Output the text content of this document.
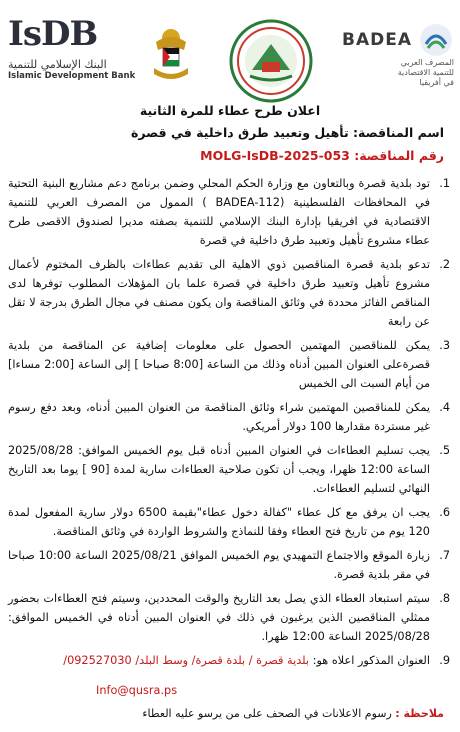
IsDB
البنك الإسلامي للتنمية
Islamic Development Bank
BADEA
المصرف العربي
للتنمية الاقتصادية
في أفريقيا
اعلان طرح عطاء للمرة الثانية
اسم المناقصة: تأهيل وتعبيد طرق داخلية في قصرة
رقم المناقصة: MOLG-IsDB-2025-053
1.
تود بلدية قصرة وبالتعاون مع وزارة الحكم المحلي وضمن برنامج دعم مشاريع البنية التحتية في المحافظات الفلسطينية (BADEA-112 ) الممول من المصرف العربي للتنمية الاقتصادية في افريقيا بإدارة البنك الإسلامي للتنمية بصفته مديرا لصندوق الاقصى طرح عطاء مشروع تأهيل وتعبيد طرق داخلية في قصرة
2.
تدعو بلدية قصرة المناقصين ذوي الاهلية الى تقديم عطاءات بالظرف المختوم لأعمال مشروع تأهيل وتعبيد طرق داخلية في قصرة علما بان المؤهلات المطلوب توفرها لدى المناقص الفائز محددة في وثائق المناقصة وان يكون مصنف في مجال الطرق بدرجة لا تقل عن رابعة
3.
يمكن للمناقصين المهتمين الحصول على معلومات إضافية عن المناقصة من بلدية قصرةعلى العنوان المبين أدناه وذلك من الساعة [8:00 صباحا ] إلى الساعة [2:00 مساءا] من أيام السبت الى الخميس
4.
يمكن للمناقصين المهتمين شراء وثائق المناقصة من العنوان المبين أدناه، وبعد دفع رسوم غير مستردة مقدارها 100 دولار أمريكي.
5.
يجب تسليم العطاءات في العنوان المبين أدناه قبل يوم الخميس الموافق: 2025/08/28 الساعة 12:00 ظهرا، ويجب أن تكون صلاحية العطاءات سارية لمدة [90 ] يوما بعد التاريخ النهائي لتسليم العطاءات.
6.
يجب ان يرفق مع كل عطاء "كفالة دخول عطاء"بقيمة 6500 دولار سارية المفعول لمدة 120 يوم من تاريخ فتح العطاء وفقا للنماذج والشروط الواردة في وثائق المناقصة.
7.
زيارة الموقع والاجتماع التمهيدي يوم الخميس الموافق 2025/08/21 الساعة 10:00 صباحا في مقر بلدية قصرة.
8.
سيتم استبعاد العطاء الذي يصل بعد التاريخ والوقت المحددين، وسيتم فتح العطاءات بحضور ممثلي المناقصين الذين يرغبون في ذلك في العنوان المبين أدناه في الخميس الموافق: 2025/08/28 الساعة 12:00 ظهرا.
9.
العنوان المذكور اعلاه هو: بلدية قصرة / بلدة قصرة/ وسط البلد/ 092527030/
Info@qusra.ps
ملاحظة : رسوم الاعلانات في الصحف على من يرسو عليه العطاء
